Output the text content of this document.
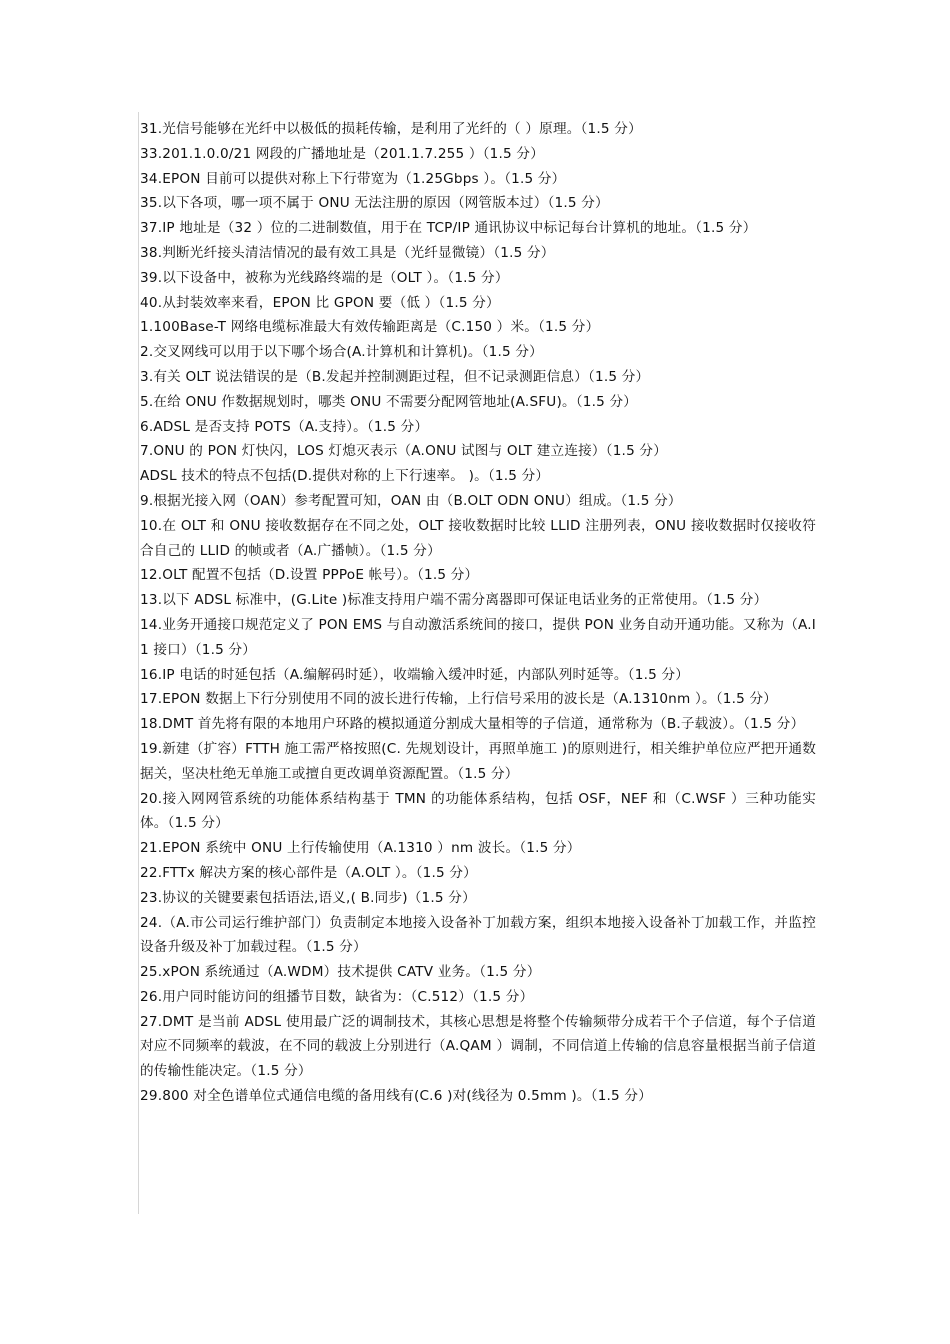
31.光信号能够在光纤中以极低的损耗传输，是利用了光纤的（ ）原理。（1.5 分）

33.201.1.0.0/21 网段的广播地址是（201.1.7.255 ）（1.5 分）

34.EPON 目前可以提供对称上下行带宽为（1.25Gbps ）。（1.5 分）

35.以下各项，哪一项不属于 ONU 无法注册的原因（网管版本过）（1.5 分）

37.IP 地址是（32 ）位的二进制数值，用于在 TCP/IP 通讯协议中标记每台计算机的地址。（1.5 分）

38.判断光纤接头清洁情况的最有效工具是（光纤显微镜）（1.5 分）

39.以下设备中，被称为光线路终端的是（OLT ）。（1.5 分）

40.从封装效率来看，EPON 比 GPON 要（低 ）（1.5 分）

1.100Base-T 网络电缆标准最大有效传输距离是（C.150 ）米。（1.5 分）

2.交叉网线可以用于以下哪个场合(A.计算机和计算机)。（1.5 分）

3.有关 OLT 说法错误的是（B.发起并控制测距过程，但不记录测距信息）（1.5 分）

5.在给 ONU 作数据规划时，哪类 ONU 不需要分配网管地址(A.SFU)。（1.5 分）

6.ADSL 是否支持 POTS（A.支持）。（1.5 分）

7.ONU 的 PON 灯快闪，LOS 灯熄灭表示（A.ONU 试图与 OLT 建立连接）（1.5 分）

ADSL 技术的特点不包括(D.提供对称的上下行速率。 )。（1.5 分）

9.根据光接入网（OAN）参考配置可知，OAN 由（B.OLT ODN ONU）组成。（1.5 分）

10.在 OLT 和 ONU 接收数据存在不同之处，OLT 接收数据时比较 LLID 注册列表，ONU 接收数据时仅接收符合自己的 LLID 的帧或者（A.广播帧）。（1.5 分）

12.OLT 配置不包括（D.设置 PPPoE 帐号）。（1.5 分）

13.以下 ADSL 标准中，(G.Lite )标准支持用户端不需分离器即可保证电话业务的正常使用。（1.5 分）

14.业务开通接口规范定义了 PON EMS 与自动激活系统间的接口，提供 PON 业务自动开通功能。又称为（A.I1 接口）（1.5 分）

16.IP 电话的时延包括（A.编解码时延），收端输入缓冲时延，内部队列时延等。（1.5 分）

17.EPON 数据上下行分别使用不同的波长进行传输，上行信号采用的波长是（A.1310nm ）。（1.5 分）

18.DMT 首先将有限的本地用户环路的模拟通道分割成大量相等的子信道，通常称为（B.子载波）。（1.5 分）

19.新建（扩容）FTTH 施工需严格按照(C. 先规划设计，再照单施工 )的原则进行，相关维护单位应严把开通数据关，坚决杜绝无单施工或擅自更改调单资源配置。（1.5 分）

20.接入网网管系统的功能体系结构基于 TMN 的功能体系结构，包括 OSF，NEF 和（C.WSF ）三种功能实体。（1.5 分）

21.EPON 系统中 ONU 上行传输使用（A.1310 ）nm 波长。（1.5 分）

22.FTTx 解决方案的核心部件是（A.OLT ）。（1.5 分）

23.协议的关键要素包括语法,语义,( B.同步)（1.5 分）

24.（A.市公司运行维护部门）负责制定本地接入设备补丁加载方案，组织本地接入设备补丁加载工作，并监控设备升级及补丁加载过程。（1.5 分）

25.xPON 系统通过（A.WDM）技术提供 CATV 业务。（1.5 分）

26.用户同时能访问的组播节目数，缺省为：（C.512）（1.5 分）

27.DMT 是当前 ADSL 使用最广泛的调制技术，其核心思想是将整个传输频带分成若干个子信道，每个子信道对应不同频率的载波，在不同的载波上分别进行（A.QAM ）调制，不同信道上传输的信息容量根据当前子信道的传输性能决定。（1.5 分）

29.800 对全色谱单位式通信电缆的备用线有(C.6 )对(线径为 0.5mm )。（1.5 分）
